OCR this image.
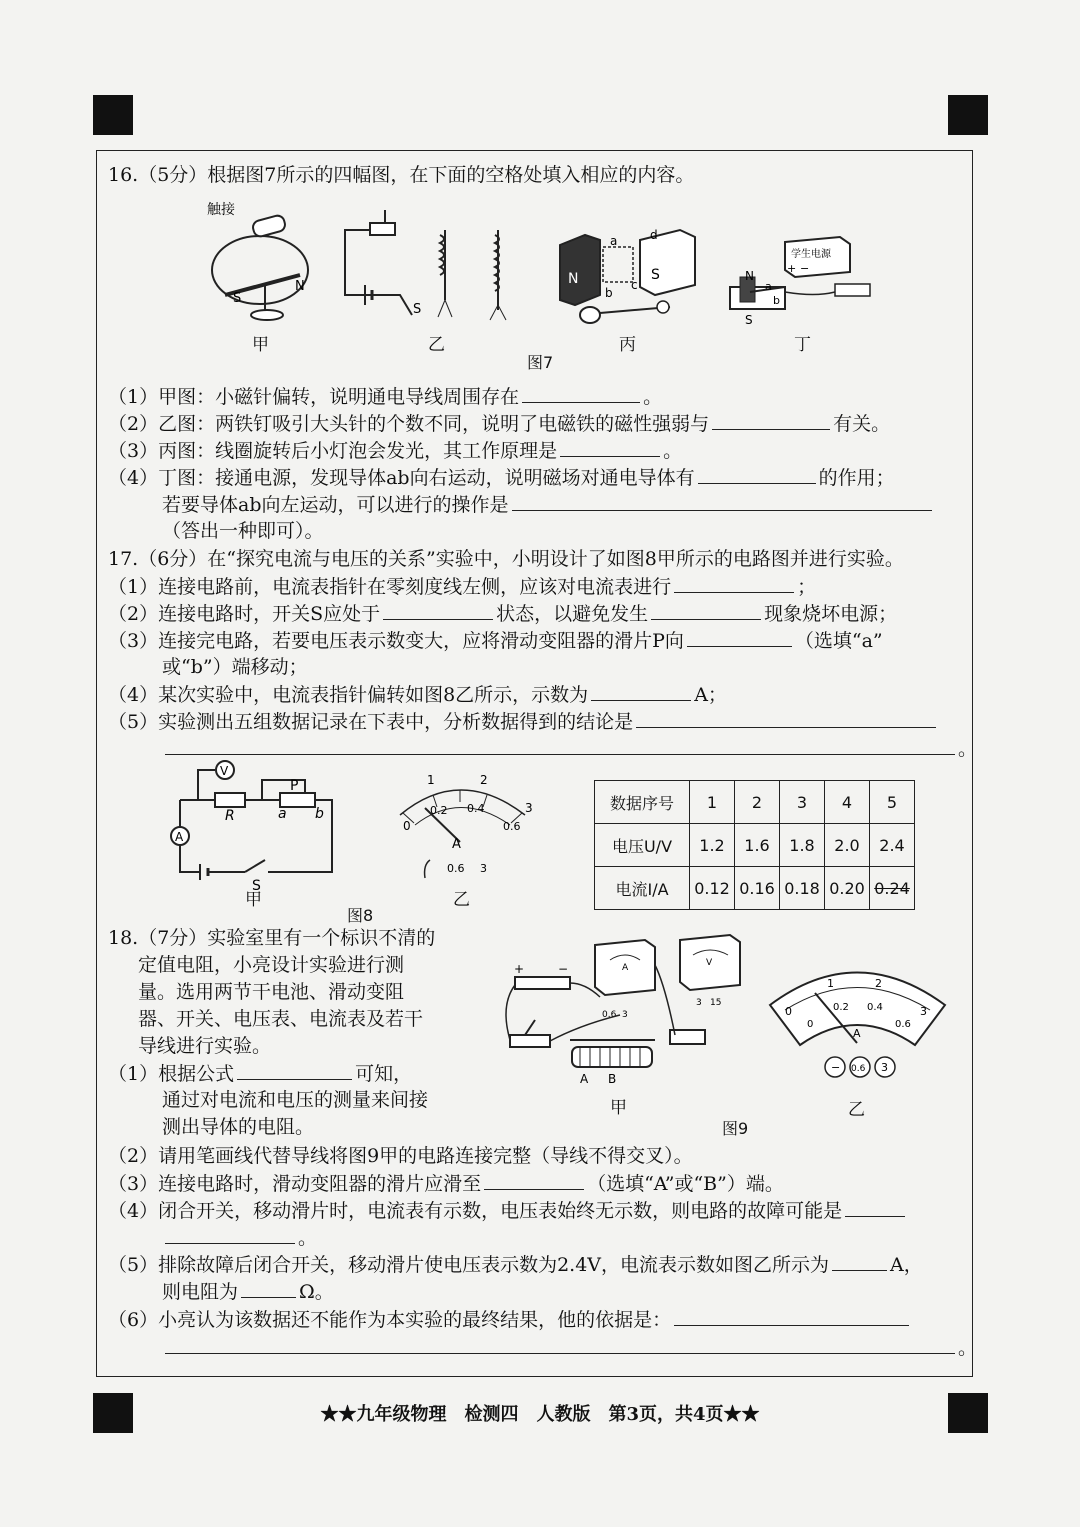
16.（5分）根据图7所示的四幅图，在下面的空格处填入相应的内容。
触接
S
N
S
N	S
a	d
c
b
学生电源
+ −
N
S
a
b
甲	乙	丙	丁
图7
（1）甲图：小磁针偏转，说明通电导线周围存在	。
（2）乙图：两铁钉吸引大头针的个数不同，说明了电磁铁的磁性强弱与	有关。
（3）丙图：线圈旋转后小灯泡会发光，其工作原理是	。
（4）丁图：接通电源，发现导体ab向右运动，说明磁场对通电导体有	的作用；
若要导体ab向左运动，可以进行的操作是
（答出一种即可）。
17.（6分）在“探究电流与电压的关系”实验中，小明设计了如图8甲所示的电路图并进行实验。
（1）连接电路前，电流表指针在零刻度线左侧，应该对电流表进行	；
（2）连接电路时，开关S应处于	状态，以避免发生	现象烧坏电源；
（3）连接完电路，若要电压表示数变大，应将滑动变阻器的滑片P向	（选填“a”
或“b”）端移动；
（4）某次实验中，电流表指针偏转如图8乙所示，示数为	A；
（5）实验测出五组数据记录在下表中，分析数据得到的结论是
。
V
A
R
P
a b
S
甲
1	2
3
0
0.2 0.4
0.6
A
0.6 3
乙
图8
数据序号	1	2	3	4	5
电压U/V	1.2	1.6	1.8	2.0	2.4
电流I/A	0.12	0.16	0.18	0.20	0.24
18.（7分）实验室里有一个标识不清的
定值电阻，小亮设计实验进行测
量。选用两节干电池、滑动变阻
器、开关、电压表、电流表及若干
导线进行实验。
（1）根据公式	可知，
通过对电流和电压的测量来间接
测出导体的电阻。
+	−	A
0.6 3
V
3 15
A B
甲
0
1	2
3
0
0.2 0.4
0.6
A
− 0.6 3
乙
图9
（2）请用笔画线代替导线将图9甲的电路连接完整（导线不得交叉）。
（3）连接电路时，滑动变阻器的滑片应滑至	（选填“A”或“B”）端。
（4）闭合开关，移动滑片时，电流表有示数，电压表始终无示数，则电路的故障可能是
。
（5）排除故障后闭合开关，移动滑片使电压表示数为2.4V，电流表示数如图乙所示为	A，
则电阻为	Ω。
（6）小亮认为该数据还不能作为本实验的最终结果，他的依据是：
。
★★九年级物理　检测四　人教版　第3页，共4页★★
